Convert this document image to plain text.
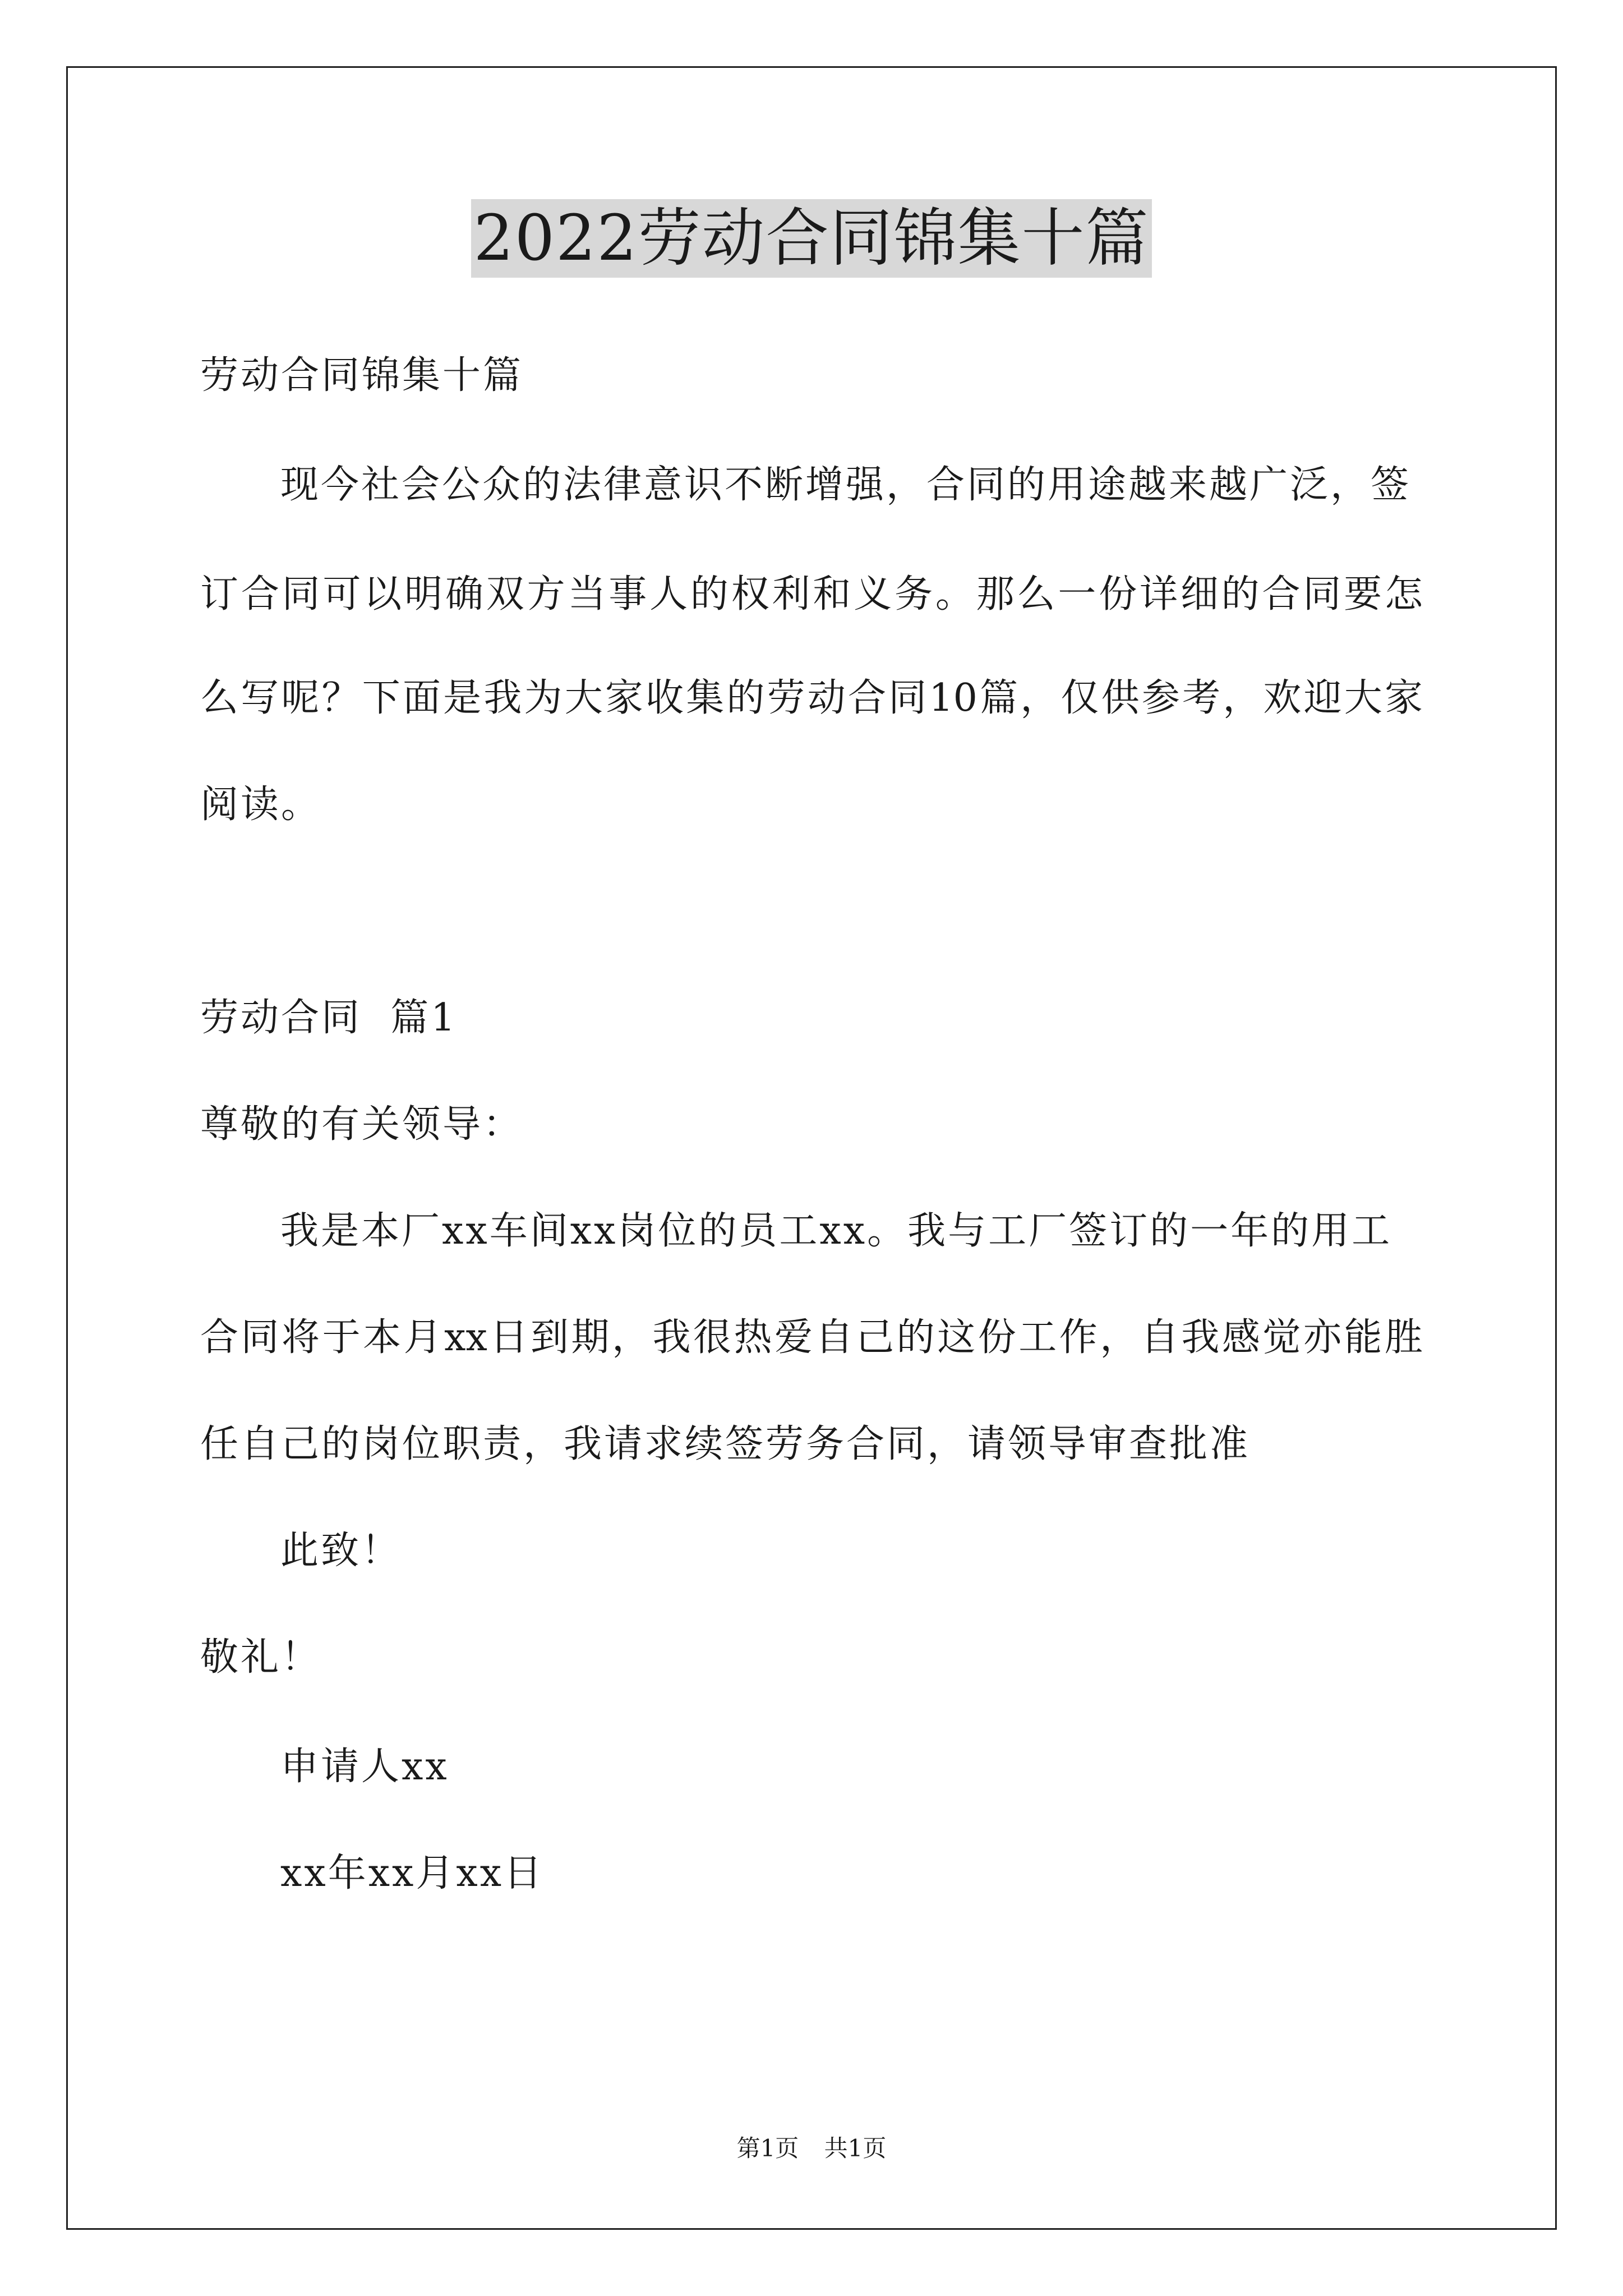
2022劳动合同锦集十篇
劳动合同锦集十篇
现今社会公众的法律意识不断增强，合同的用途越来越广泛，签
订合同可以明确双方当事人的权利和义务。那么一份详细的合同要怎
么写呢？下面是我为大家收集的劳动合同10篇，仅供参考，欢迎大家
阅读。
劳动合同  篇1
尊敬的有关领导：
我是本厂xx车间xx岗位的员工xx。我与工厂签订的一年的用工
合同将于本月xx日到期，我很热爱自己的这份工作，自我感觉亦能胜
任自己的岗位职责，我请求续签劳务合同，请领导审查批准
此致！
敬礼！
申请人xx
xx年xx月xx日
第1页 共1页
